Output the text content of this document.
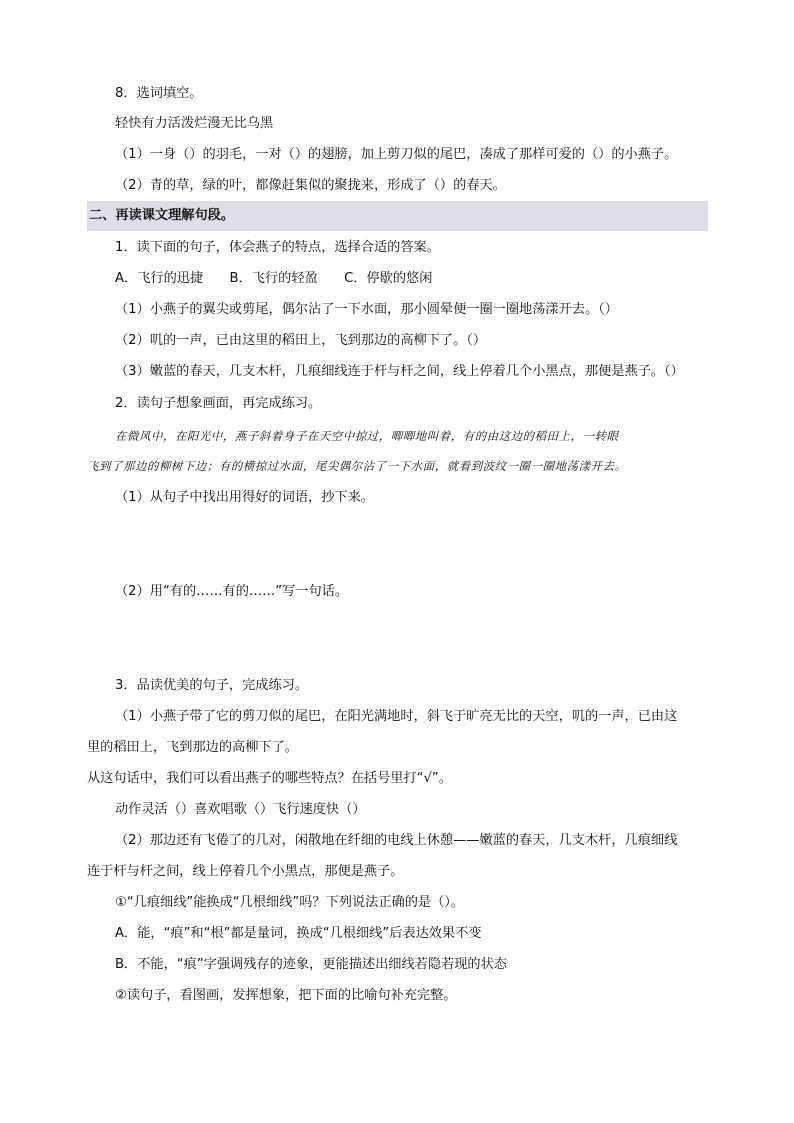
8．选词填空。
轻快有力活泼烂漫无比乌黑
（1）一身（）的羽毛，一对（）的翅膀，加上剪刀似的尾巴，凑成了那样可爱的（）的小燕子。
（2）青的草，绿的叶，都像赶集似的聚拢来，形成了（）的春天。
二、再读课文理解句段。
1．读下面的句子，体会燕子的特点，选择合适的答案。
A．飞行的迅捷　　B．飞行的轻盈　　C．停歇的悠闲
（1）小燕子的翼尖或剪尾，偶尔沾了一下水面，那小圆晕便一圈一圈地荡漾开去。（）
（2）叽的一声，已由这里的稻田上，飞到那边的高柳下了。（）
（3）嫩蓝的春天，几支木杆，几痕细线连于杆与杆之间，线上停着几个小黑点，那便是燕子。（）
2．读句子想象画面，再完成练习。
在微风中，在阳光中，燕子斜着身子在天空中掠过，唧唧地叫着，有的由这边的稻田上，一转眼
飞到了那边的柳树下边；有的横掠过水面，尾尖偶尔沾了一下水面，就看到波纹一圈一圈地荡漾开去。
（1）从句子中找出用得好的词语，抄下来。
（2）用“有的……有的……”写一句话。
3．品读优美的句子，完成练习。
（1）小燕子带了它的剪刀似的尾巴，在阳光满地时，斜飞于旷亮无比的天空，叽的一声，已由这
里的稻田上，飞到那边的高柳下了。
从这句话中，我们可以看出燕子的哪些特点？在括号里打“√”。
动作灵活（）喜欢唱歌（）飞行速度快（）
（2）那边还有飞倦了的几对，闲散地在纤细的电线上休憩——嫩蓝的春天，几支木杆，几痕细线
连于杆与杆之间，线上停着几个小黑点，那便是燕子。
①“几痕细线”能换成“几根细线”吗？下列说法正确的是（）。
A．能，“痕”和“根”都是量词，换成“几根细线”后表达效果不变
B．不能，“痕”字强调残存的迹象，更能描述出细线若隐若现的状态
②读句子，看图画，发挥想象，把下面的比喻句补充完整。
